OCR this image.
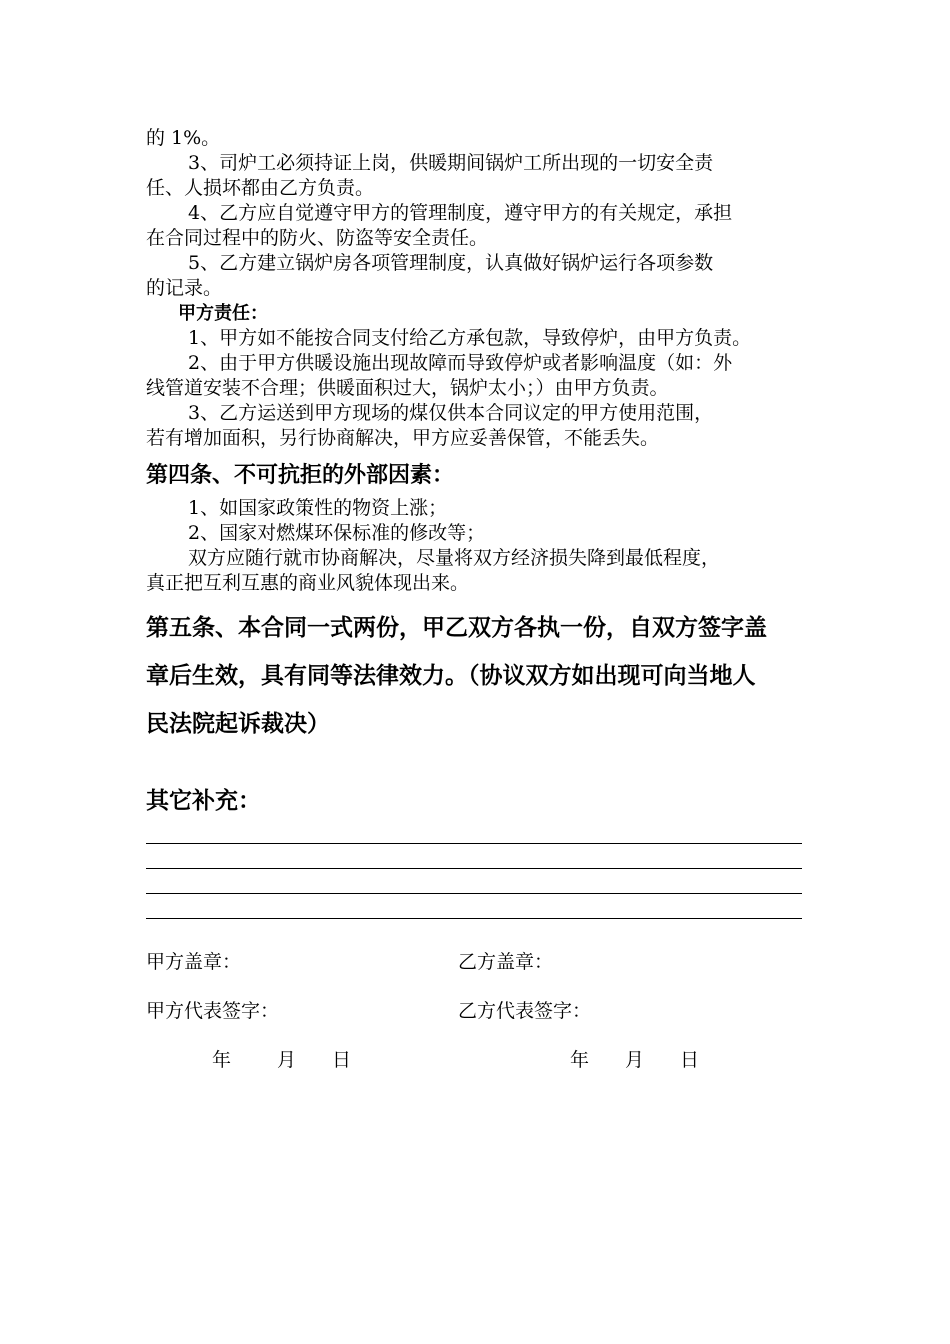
的 1%。

3、司炉工必须持证上岗，供暖期间锅炉工所出现的一切安全责

任、人损坏都由乙方负责。

4、乙方应自觉遵守甲方的管理制度，遵守甲方的有关规定，承担

在合同过程中的防火、防盗等安全责任。

5、乙方建立锅炉房各项管理制度，认真做好锅炉运行各项参数

的记录。

甲方责任：

1、甲方如不能按合同支付给乙方承包款，导致停炉，由甲方负责。

2、由于甲方供暖设施出现故障而导致停炉或者影响温度（如：外

线管道安装不合理；供暖面积过大，锅炉太小；）由甲方负责。

3、乙方运送到甲方现场的煤仅供本合同议定的甲方使用范围，

若有增加面积，另行协商解决，甲方应妥善保管，不能丢失。

第四条、不可抗拒的外部因素：

1、如国家政策性的物资上涨；

2、国家对燃煤环保标准的修改等；

双方应随行就市协商解决，尽量将双方经济损失降到最低程度，

真正把互利互惠的商业风貌体现出来。

第五条、本合同一式两份，甲乙双方各执一份，自双方签字盖
章后生效，具有同等法律效力。（协议双方如出现可向当地人
民法院起诉裁决）

其它补充：

甲方盖章：	乙方盖章：

甲方代表签字：	乙方代表签字：

年 月 日	年 月 日
